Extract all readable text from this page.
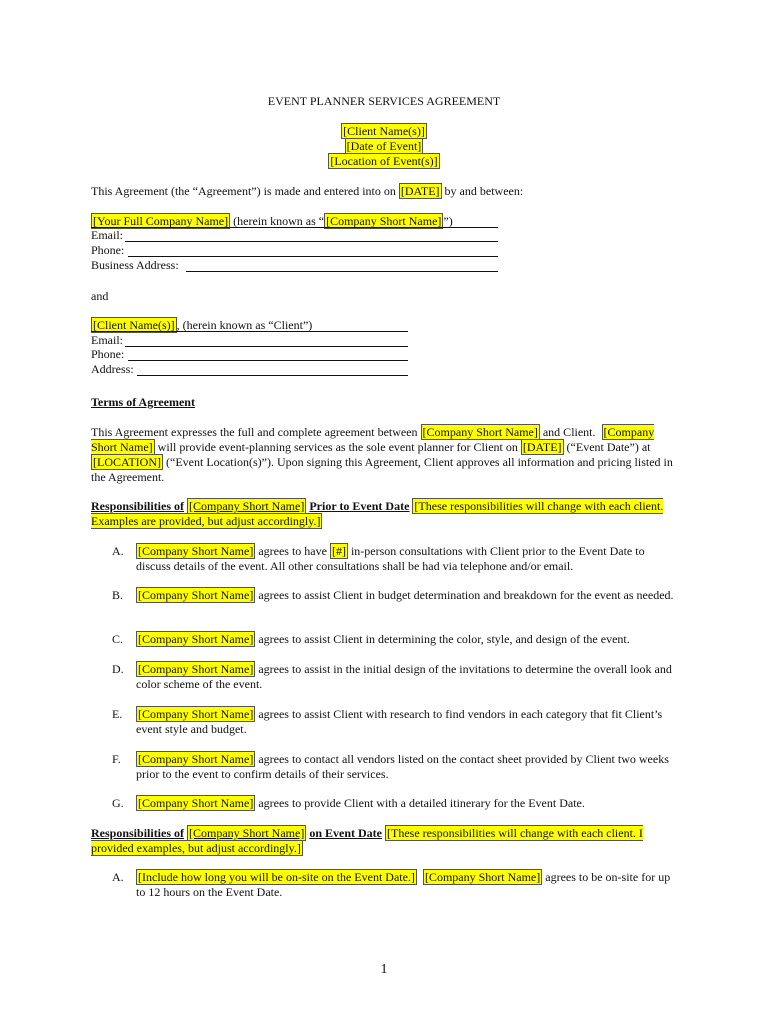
EVENT PLANNER SERVICES AGREEMENT
[Client Name(s)]
[Date of Event]
[Location of Event(s)]
This Agreement (the “Agreement”) is made and entered into on [DATE] by and between:
[Your Full Company Name] (herein known as “ [Company Short Name] ”)
Email:
Phone:
Business Address:
and
[Client Name(s)] , (herein known as “Client”)
Email:
Phone:
Address:
Terms of Agreement
This Agreement expresses the full and complete agreement between [Company Short Name] and Client. [Company Short Name] will provide event-planning services as the sole event planner for Client on [DATE] (“Event Date”) at [LOCATION] (“Event Location(s)”). Upon signing this Agreement, Client approves all information and pricing listed in the Agreement.
Responsibilities of [Company Short Name] Prior to Event Date [These responsibilities will change with each client. Examples are provided, but adjust accordingly.]
A.	[Company Short Name] agrees to have [#] in-person consultations with Client prior to the Event Date to discuss details of the event. All other consultations shall be had via telephone and/or email.
B.	[Company Short Name] agrees to assist Client in budget determination and breakdown for the event as needed.
C.	[Company Short Name] agrees to assist Client in determining the color, style, and design of the event.
D.	[Company Short Name] agrees to assist in the initial design of the invitations to determine the overall look and color scheme of the event.
E.	[Company Short Name] agrees to assist Client with research to find vendors in each category that fit Client’s event style and budget.
F.	[Company Short Name] agrees to contact all vendors listed on the contact sheet provided by Client two weeks prior to the event to confirm details of their services.
G.	[Company Short Name] agrees to provide Client with a detailed itinerary for the Event Date.
Responsibilities of [Company Short Name] on Event Date [These responsibilities will change with each client. I provided examples, but adjust accordingly.]
A.	[Include how long you will be on-site on the Event Date.] [Company Short Name] agrees to be on-site for up to 12 hours on the Event Date.
1
